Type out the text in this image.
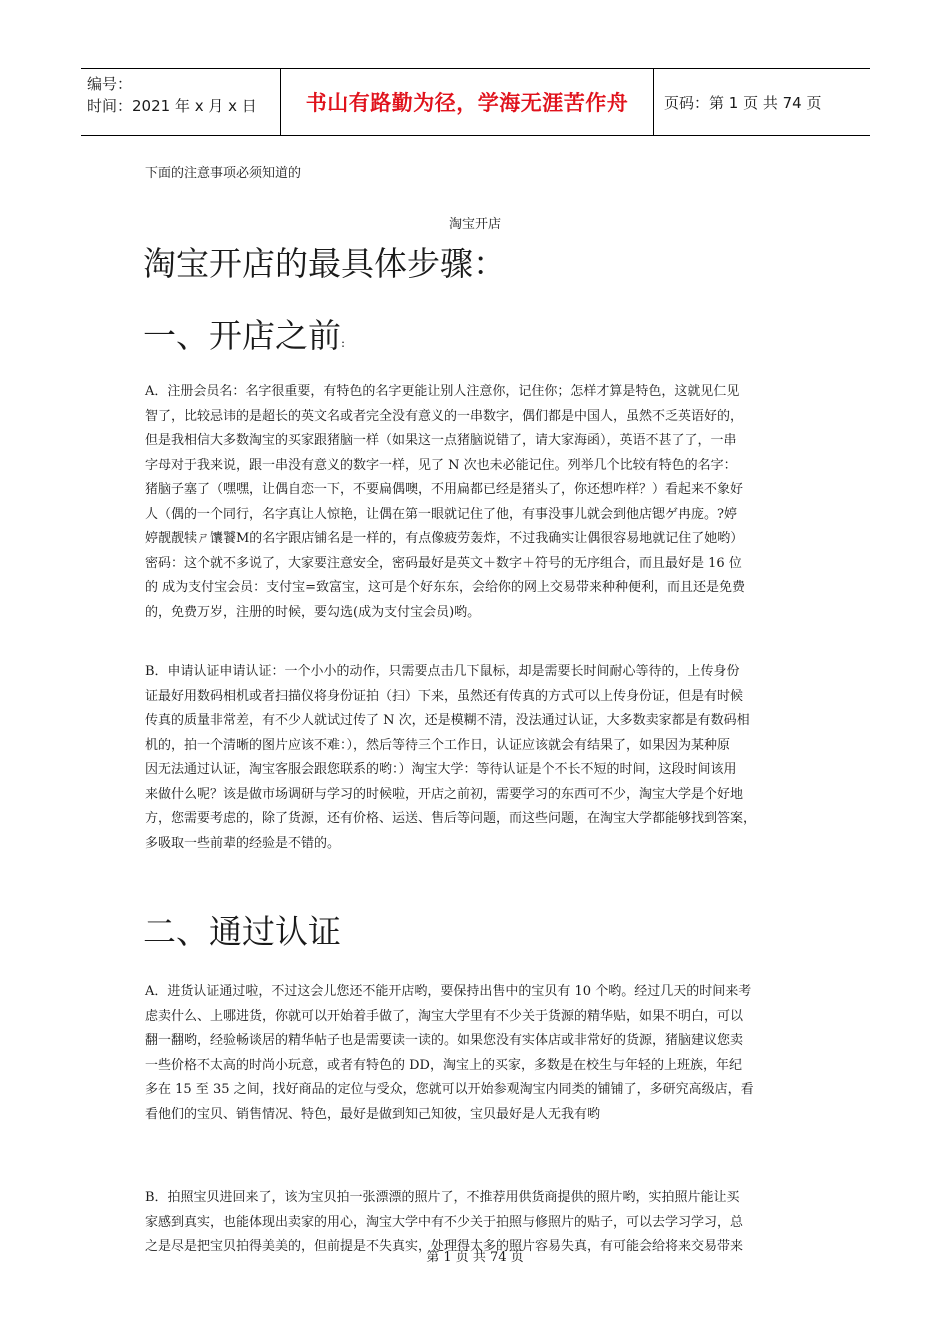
编号：
时间：2021 年 x 月 x 日	书山有路勤为径，学海无涯苦作舟	页码：第 1 页 共 74 页
下面的注意事项必须知道的
淘宝开店
淘宝开店的最具体步骤：
一、开店之前:
A．注册会员名：名字很重要，有特色的名字更能让别人注意你，记住你；怎样才算是特色，这就见仁见
智了，比较忌讳的是超长的英文名或者完全没有意义的一串数字，偶们都是中国人，虽然不乏英语好的，
但是我相信大多数淘宝的买家跟猪脑一样（如果这一点猪脑说错了，请大家海函），英语不甚了了，一串
字母对于我来说，跟一串没有意义的数字一样，见了 N 次也未必能记住。列举几个比较有特色的名字：
猪脑子塞了（嘿嘿，让偶自恋一下，不要扁偶噢，不用扁都已经是猪头了，你还想咋样？）看起来不象好
人（偶的一个同行，名字真让人惊艳，让偶在第一眼就记住了他，有事没事儿就会到他店锶ゲ冉庞。?婷
婷靓靓犊ㄕ馕饕M的名字跟店铺名是一样的，有点像疲劳轰炸，不过我确实让偶很容易地就记住了她哟）
密码：这个就不多说了，大家要注意安全，密码最好是英文＋数字＋符号的无序组合，而且最好是 16 位
的 成为支付宝会员：支付宝=致富宝，这可是个好东东，会给你的网上交易带来种种便利，而且还是免费
的，免费万岁，注册的时候，要勾选(成为支付宝会员)哟。
B．申请认证申请认证：一个小小的动作，只需要点击几下鼠标，却是需要长时间耐心等待的，上传身份
证最好用数码相机或者扫描仪将身份证拍（扫）下来，虽然还有传真的方式可以上传身份证，但是有时候
传真的质量非常差，有不少人就试过传了 N 次，还是模糊不清，没法通过认证，大多数卖家都是有数码相
机的，拍一个清晰的图片应该不难：），然后等待三个工作日，认证应该就会有结果了，如果因为某种原
因无法通过认证，淘宝客服会跟您联系的哟：）淘宝大学：等待认证是个不长不短的时间，这段时间该用
来做什么呢？该是做市场调研与学习的时候啦，开店之前初，需要学习的东西可不少，淘宝大学是个好地
方，您需要考虑的，除了货源，还有价格、运送、售后等问题，而这些问题，在淘宝大学都能够找到答案，
多吸取一些前辈的经验是不错的。
二、通过认证
A．进货认证通过啦，不过这会儿您还不能开店哟，要保持出售中的宝贝有 10 个哟。经过几天的时间来考
虑卖什么、上哪进货，你就可以开始着手做了，淘宝大学里有不少关于货源的精华贴，如果不明白，可以
翻一翻哟，经验畅谈居的精华帖子也是需要读一读的。如果您没有实体店或非常好的货源，猪脑建议您卖
一些价格不太高的时尚小玩意，或者有特色的 DD，淘宝上的买家，多数是在校生与年轻的上班族，年纪
多在 15 至 35 之间，找好商品的定位与受众，您就可以开始参观淘宝内同类的铺铺了，多研究高级店，看
看他们的宝贝、销售情况、特色，最好是做到知己知彼，宝贝最好是人无我有哟
B．拍照宝贝进回来了，该为宝贝拍一张漂漂的照片了，不推荐用供货商提供的照片哟，实拍照片能让买
家感到真实，也能体现出卖家的用心，淘宝大学中有不少关于拍照与修照片的贴子，可以去学习学习，总
之是尽是把宝贝拍得美美的，但前提是不失真实，处理得太多的照片容易失真，有可能会给将来交易带来
第 1 页 共 74 页
